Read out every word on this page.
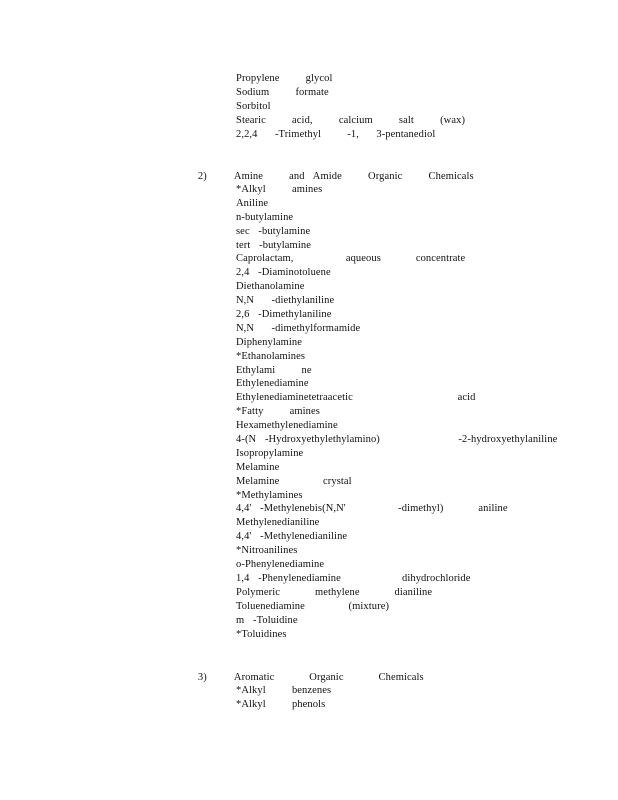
Propylene   glycol
Sodium   formate
Sorbitol
Stearic   acid,   calcium   salt   (wax)
2,2,4  -Trimethyl   -1,  3-pentanediol

2)	Amine   and Amide   Organic   Chemicals

*Alkyl   amines
Aniline
n-butylamine
sec -butylamine
tert -butylamine
Caprolactam,      aqueous    concentrate
2,4 -Diaminotoluene
Diethanolamine
N,N  -diethylaniline
2,6 -Dimethylaniline
N,N  -dimethylformamide
Diphenylamine
*Ethanolamines
Ethylami   ne
Ethylenediamine
Ethylenediaminetetraacetic            acid
*Fatty   amines
Hexamethylenediamine
4-(N -Hydroxyethylethylamino)         -2-hydroxyethylaniline
Isopropylamine
Melamine
Melamine     crystal
*Methylamines
4,4' -Methylenebis(N,N'      -dimethyl)    aniline
Methylenedianiline
4,4' -Methylenedianiline
*Nitroanilines
o-Phenylenediamine
1,4 -Phenylenediamine       dihydrochloride
Polymeric    methylene    dianiline
Toluenediamine     (mixture)
m -Toluidine
*Toluidines

3)	Aromatic    Organic    Chemicals

*Alkyl   benzenes
*Alkyl   phenols
